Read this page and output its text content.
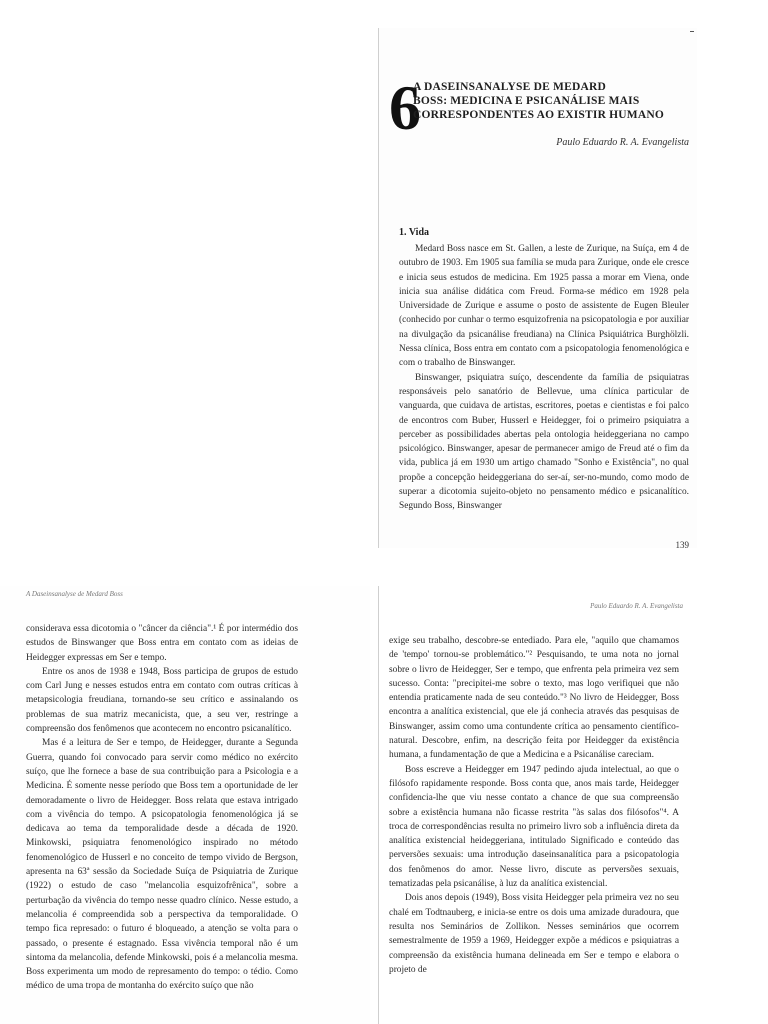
6
A DASEINSANALYSE DE MEDARD
BOSS: MEDICINA E PSICANÁLISE MAIS
CORRESPONDENTES AO EXISTIR HUMANO
Paulo Eduardo R. A. Evangelista
1. Vida

Medard Boss nasce em St. Gallen, a leste de Zurique, na Suíça, em 4 de outubro de 1903. Em 1905 sua família se muda para Zurique, onde ele cresce e inicia seus estudos de medicina. Em 1925 passa a morar em Viena, onde inicia sua análise didática com Freud. Forma-se médico em 1928 pela Universidade de Zurique e assume o posto de assistente de Eugen Bleuler (conhecido por cunhar o termo esquizofrenia na psicopatologia e por auxiliar na divulgação da psicanálise freudiana) na Clínica Psiquiátrica Burghölzli. Nessa clínica, Boss entra em contato com a psicopatologia fenomenológica e com o trabalho de Binswanger.

Binswanger, psiquiatra suíço, descendente da família de psiquiatras responsáveis pelo sanatório de Bellevue, uma clínica particular de vanguarda, que cuidava de artistas, escritores, poetas e cientistas e foi palco de encontros com Buber, Husserl e Heidegger, foi o primeiro psiquiatra a perceber as possibilidades abertas pela ontologia heideggeriana no campo psicológico. Binswanger, apesar de permanecer amigo de Freud até o fim da vida, publica já em 1930 um artigo chamado "Sonho e Existência", no qual propõe a concepção heideggeriana do ser-aí, ser-no-mundo, como modo de superar a dicotomia sujeito-objeto no pensamento médico e psicanalítico. Segundo Boss, Binswanger

139
A Daseinsanalyse de Medard Boss

considerava essa dicotomia o "câncer da ciência".¹ É por intermédio dos estudos de Binswanger que Boss entra em contato com as ideias de Heidegger expressas em Ser e tempo.

Entre os anos de 1938 e 1948, Boss participa de grupos de estudo com Carl Jung e nesses estudos entra em contato com outras críticas à metapsicologia freudiana, tornando-se seu crítico e assinalando os problemas de sua matriz mecanicista, que, a seu ver, restringe a compreensão dos fenômenos que acontecem no encontro psicanalítico.

Mas é a leitura de Ser e tempo, de Heidegger, durante a Segunda Guerra, quando foi convocado para servir como médico no exército suíço, que lhe fornece a base de sua contribuição para a Psicologia e a Medicina. É somente nesse período que Boss tem a oportunidade de ler demoradamente o livro de Heidegger. Boss relata que estava intrigado com a vivência do tempo. A psicopatologia fenomenológica já se dedicava ao tema da temporalidade desde a década de 1920. Minkowski, psiquiatra fenomenológico inspirado no método fenomenológico de Husserl e no conceito de tempo vivido de Bergson, apresenta na 63ª sessão da Sociedade Suíça de Psiquiatria de Zurique (1922) o estudo de caso "melancolia esquizofrênica", sobre a perturbação da vivência do tempo nesse quadro clínico. Nesse estudo, a melancolia é compreendida sob a perspectiva da temporalidade. O tempo fica represado: o futuro é bloqueado, a atenção se volta para o passado, o presente é estagnado. Essa vivência temporal não é um sintoma da melancolia, defende Minkowski, pois é a melancolia mesma. Boss experimenta um modo de represamento do tempo: o tédio. Como médico de uma tropa de montanha do exército suíço que não

Paulo Eduardo R. A. Evangelista

exige seu trabalho, descobre-se entediado. Para ele, "aquilo que chamamos de 'tempo' tornou-se problemático."² Pesquisando, te uma nota no jornal sobre o livro de Heidegger, Ser e tempo, que enfrenta pela primeira vez sem sucesso. Conta: "precipitei-me sobre o texto, mas logo verifiquei que não entendia praticamente nada de seu conteúdo."³ No livro de Heidegger, Boss encontra a analítica existencial, que ele já conhecia através das pesquisas de Binswanger, assim como uma contundente crítica ao pensamento científico-natural. Descobre, enfim, na descrição feita por Heidegger da existência humana, a fundamentação de que a Medicina e a Psicanálise careciam.

Boss escreve a Heidegger em 1947 pedindo ajuda intelectual, ao que o filósofo rapidamente responde. Boss conta que, anos mais tarde, Heidegger confidencia-lhe que viu nesse contato a chance de que sua compreensão sobre a existência humana não ficasse restrita "às salas dos filósofos"⁴. A troca de correspondências resulta no primeiro livro sob a influência direta da analítica existencial heideggeriana, intitulado Significado e conteúdo das perversões sexuais: uma introdução daseinsanalítica para a psicopatologia dos fenômenos do amor. Nesse livro, discute as perversões sexuais, tematizadas pela psicanálise, à luz da analítica existencial.

Dois anos depois (1949), Boss visita Heidegger pela primeira vez no seu chalé em Todtnauberg, e inicia-se entre os dois uma amizade duradoura, que resulta nos Seminários de Zollikon. Nesses seminários que ocorrem semestralmente de 1959 a 1969, Heidegger expõe a médicos e psiquiatras a compreensão da existência humana delineada em Ser e tempo e elabora o projeto de
